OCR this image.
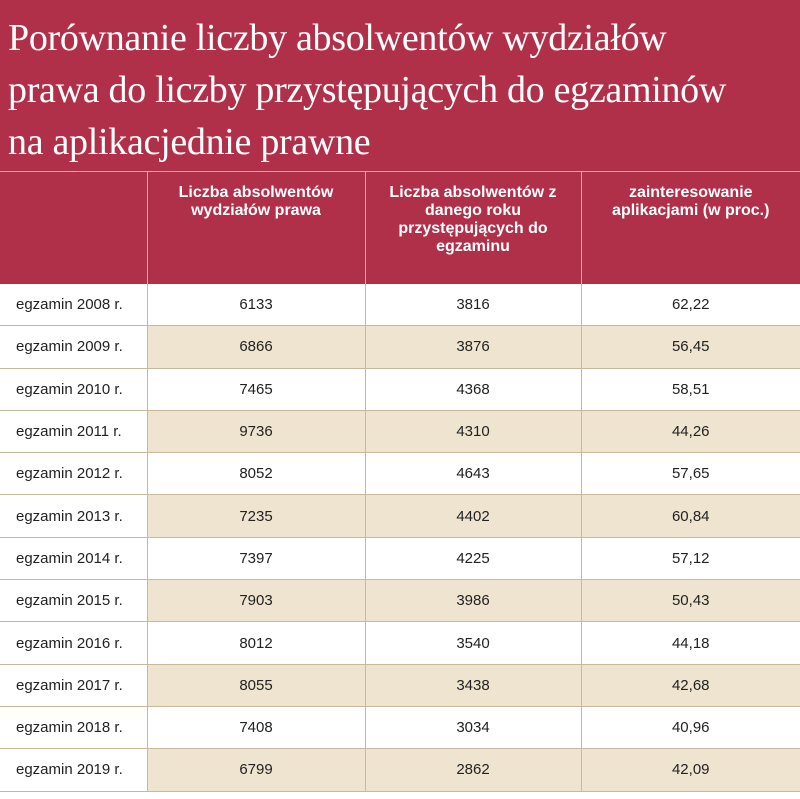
Porównanie liczby absolwentów wydziałów
prawa do liczby przystępujących do egzaminów
na aplikacjednie prawne
	Liczba absolwentów wydziałów prawa	Liczba absolwentów z danego roku przystępujących do egzaminu	zainteresowanie aplikacjami (w proc.)
egzamin 2008 r.	6133	3816	62,22
egzamin 2009 r.	6866	3876	56,45
egzamin 2010 r.	7465	4368	58,51
egzamin 2011 r.	9736	4310	44,26
egzamin 2012 r.	8052	4643	57,65
egzamin 2013 r.	7235	4402	60,84
egzamin 2014 r.	7397	4225	57,12
egzamin 2015 r.	7903	3986	50,43
egzamin 2016 r.	8012	3540	44,18
egzamin 2017 r.	8055	3438	42,68
egzamin 2018 r.	7408	3034	40,96
egzamin 2019 r.	6799	2862	42,09
